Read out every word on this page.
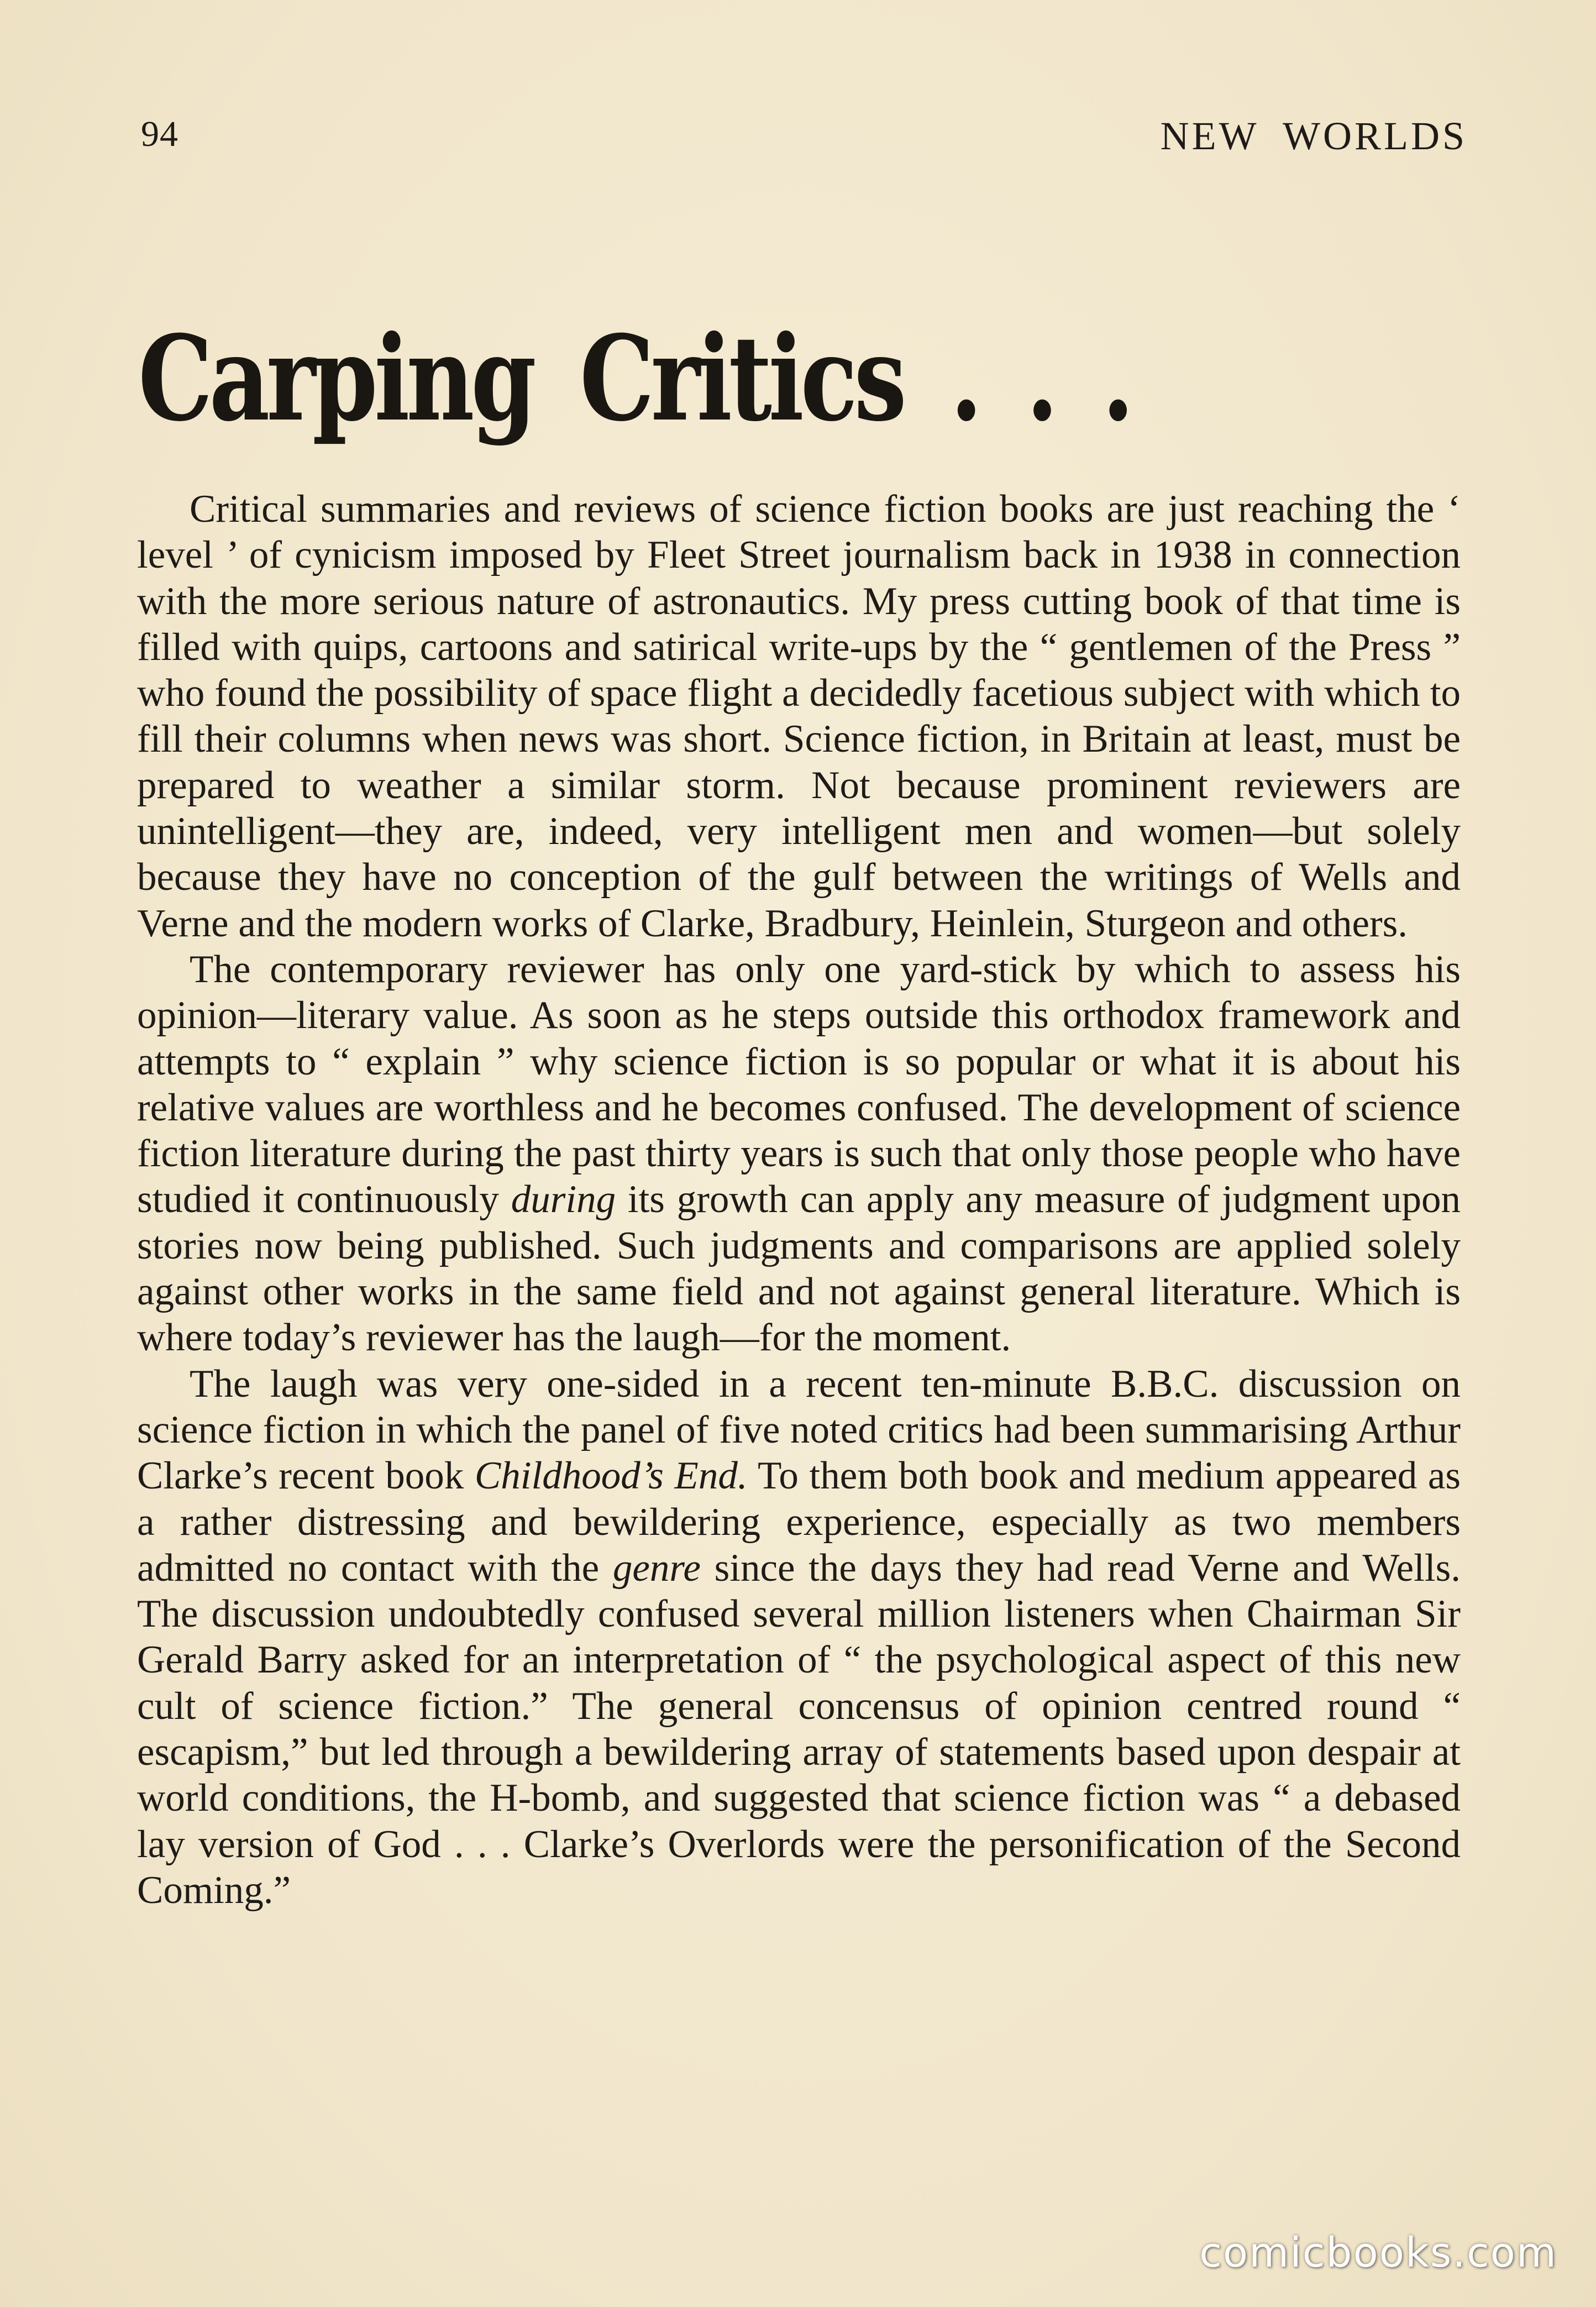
94	NEW WORLDS
Carping Critics . . .

Critical summaries and reviews of science fiction books are just reaching the ‘ level ’ of cynicism imposed by Fleet Street journalism back in 1938 in connection with the more serious nature of astronautics. My press cutting book of that time is filled with quips, cartoons and satirical write-ups by the “ gentlemen of the Press ” who found the possibility of space flight a decidedly facetious subject with which to fill their columns when news was short. Science fiction, in Britain at least, must be prepared to weather a similar storm. Not because prominent reviewers are unintelligent—they are, indeed, very intelligent men and women—but solely because they have no conception of the gulf between the writings of Wells and Verne and the modern works of Clarke, Bradbury, Heinlein, Sturgeon and others.

The contemporary reviewer has only one yard-stick by which to assess his opinion—literary value. As soon as he steps outside this orthodox framework and attempts to “ explain ” why science fiction is so popular or what it is about his relative values are worthless and he becomes confused. The development of science fiction literature during the past thirty years is such that only those people who have studied it continuously during its growth can apply any measure of judgment upon stories now being published. Such judgments and comparisons are applied solely against other works in the same field and not against general literature. Which is where today’s reviewer has the laugh—for the moment.

The laugh was very one-sided in a recent ten-minute B.B.C. discussion on science fiction in which the panel of five noted critics had been summarising Arthur Clarke’s recent book Childhood’s End. To them both book and medium appeared as a rather distressing and bewildering experience, especially as two members admitted no contact with the genre since the days they had read Verne and Wells. The discussion undoubtedly confused several million listeners when Chairman Sir Gerald Barry asked for an interpretation of “ the psychological aspect of this new cult of science fiction.” The general concensus of opinion centred round “ escapism,” but led through a bewildering array of statements based upon despair at world conditions, the H-bomb, and suggested that science fiction was “ a debased lay version of God . . . Clarke’s Overlords were the personification of the Second Coming.”

comicbooks.com
